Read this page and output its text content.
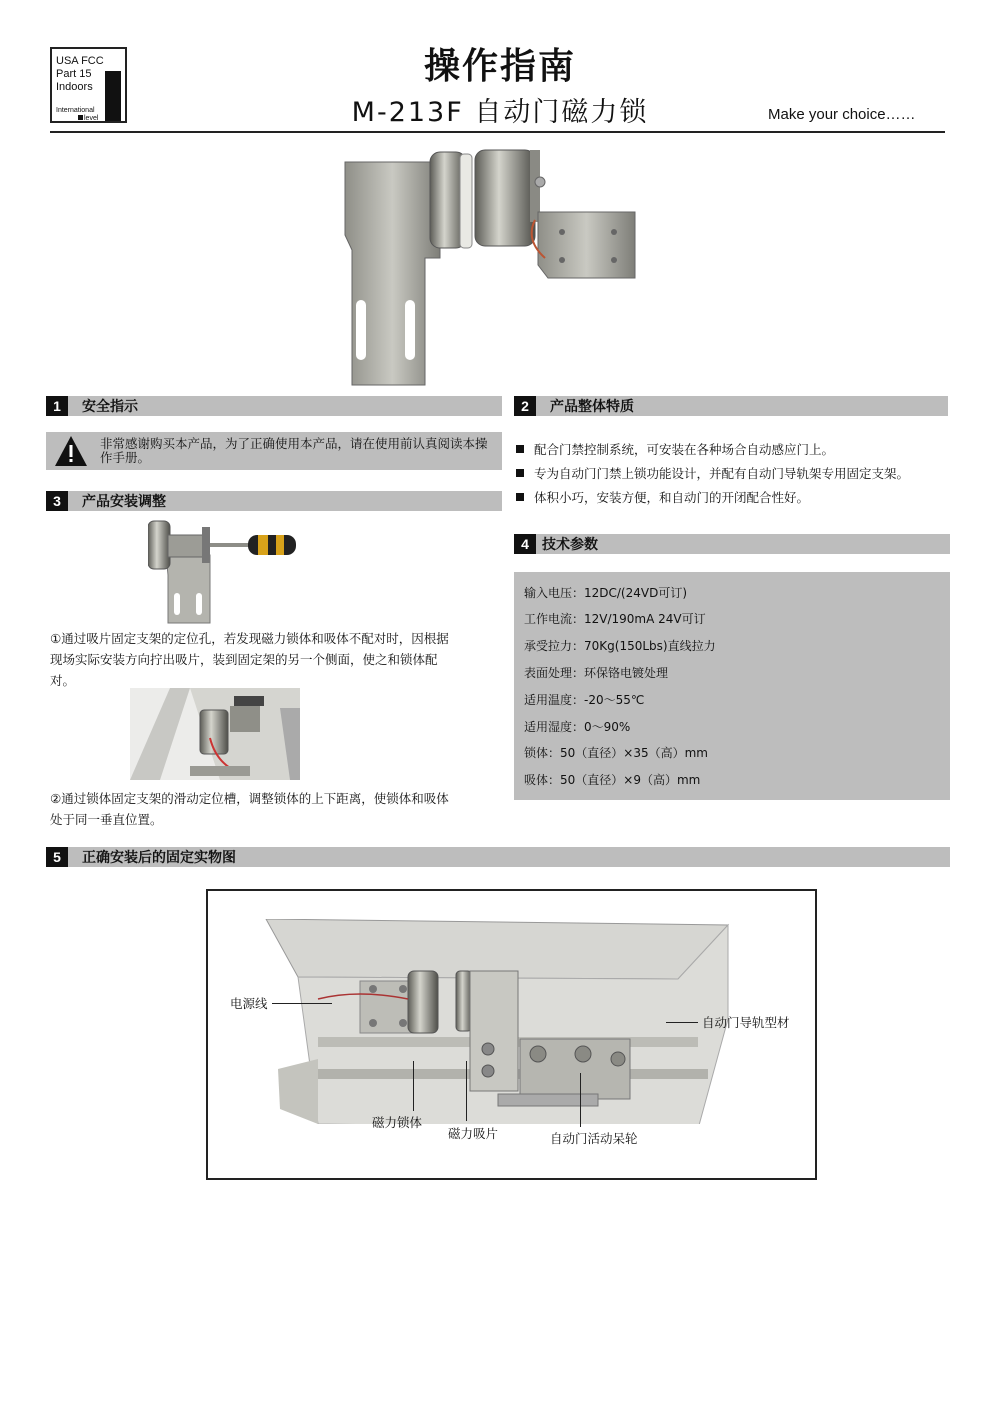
USA FCC
Part 15
Indoors
International
level
操作指南
M-213F 自动门磁力锁	Make your choice……
1	安全指示
非常感谢购买本产品，为了正确使用本产品，请在使用前认真阅读本操作手册。
2	产品整体特质
配合门禁控制系统，可安装在各种场合自动感应门上。
专为自动门门禁上锁功能设计，并配有自动门导轨架专用固定支架。
体积小巧，安装方便，和自动门的开闭配合性好。
3	产品安装调整
①通过吸片固定支架的定位孔，若发现磁力锁体和吸体不配对时，因根据现场实际安装方向拧出吸片，装到固定架的另一个侧面，使之和锁体配对。
②通过锁体固定支架的滑动定位槽，调整锁体的上下距离，使锁体和吸体处于同一垂直位置。
4 技术参数
输入电压：12DC/(24VD可订)
工作电流：12V/190mA 24V可订
承受拉力：70Kg(150Lbs)直线拉力
表面处理：环保铬电镀处理
适用温度：-20～55℃
适用湿度：0～90%
锁体：50（直径）×35（高）mm
吸体：50（直径）×9（高）mm
5	正确安装后的固定实物图
电源线
自动门导轨型材
磁力锁体
磁力吸片	自动门活动呆轮
